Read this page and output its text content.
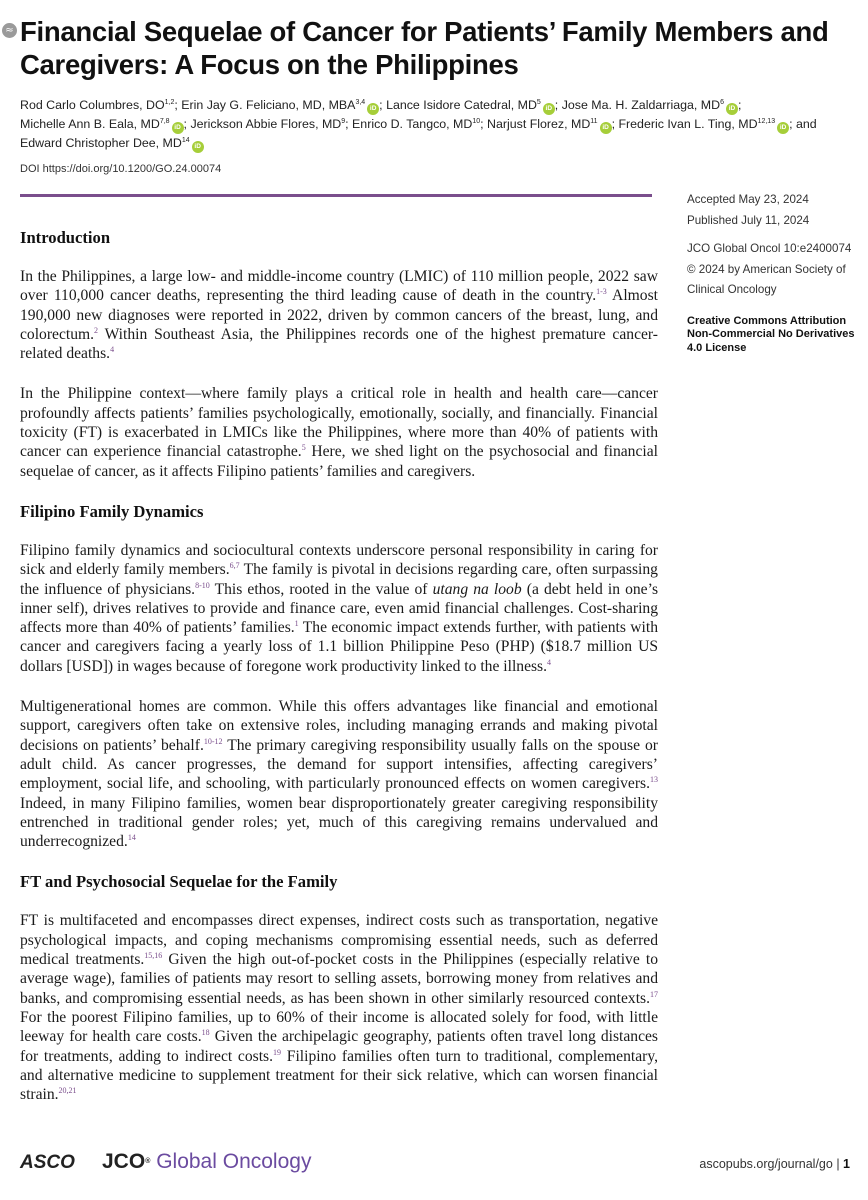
≈ Financial Sequelae of Cancer for Patients’ Family Members and Caregivers: A Focus on the Philippines
Rod Carlo Columbres, DO$^{1,2}$; Erin Jay G. Feliciano, MD, MBA$^{3,4}$iD ; Lance Isidore Catedral, $MD^5iD$ ; Jose Ma. H. Zaldarriaga, $MD^6iD$ ;
Michelle Ann B. Eala, MD$^{7,8}$iD ; Jerickson Abbie Flores, $MD^9$; Enrico D. Tangco, MD$^{10}$; Narjust Florez, MD$^{11}$iD ; Frederic Ivan L. Ting, MD$^{12,13}$iD ; and
Edward Christopher Dee, MD$^{14}$iD
DOI https://doi.org/10.1200/GO.24.00074
Accepted May 23, 2024
Published July 11, 2024
JCO Global Oncol 10:e2400074
© 2024 by American Society of Clinical Oncology
Creative Commons Attribution Non-Commercial No Derivatives 4.0 License
Introduction

In the Philippines, a large low- and middle-income country (LMIC) of 110 million people, 2022 saw over 110,000 cancer deaths, representing the third leading cause of death in the country.$^{1-3}$ Almost 190,000 new diagnoses were reported in 2022, driven by common cancers of the breast, lung, and colorectum.$^2$ Within Southeast Asia, the Philippines records one of the highest premature cancer-related deaths.$^4$

In the Philippine context—where family plays a critical role in health and health care—cancer profoundly affects patients’ families psychologically, emotionally, socially, and financially. Financial toxicity (FT) is exacerbated in LMICs like the Philippines, where more than 40% of patients with cancer can experience financial catastrophe.$^5$ Here, we shed light on the psychosocial and financial sequelae of cancer, as it affects Filipino patients’ families and caregivers.

Filipino Family Dynamics

Filipino family dynamics and sociocultural contexts underscore personal responsibility in caring for sick and elderly family members.$^{6,7}$ The family is pivotal in decisions regarding care, often surpassing the influence of physicians.$^{8-10}$ This ethos, rooted in the value of utang na loob (a debt held in one’s inner self), drives relatives to provide and finance care, even amid financial challenges. Cost-sharing affects more than 40% of patients’ families.$^1$ The economic impact extends further, with patients with cancer and caregivers facing a yearly loss of 1.1 billion Philippine Peso (PHP) ($18.7 million US dollars [USD]) in wages because of foregone work productivity linked to the illness.$^4$

Multigenerational homes are common. While this offers advantages like financial and emotional support, caregivers often take on extensive roles, including managing errands and making pivotal decisions on patients’ behalf.$^{10-12}$ The primary caregiving responsibility usually falls on the spouse or adult child. As cancer progresses, the demand for support intensifies, affecting caregivers’ employment, social life, and schooling, with particularly pronounced effects on women caregivers.$^{13}$ Indeed, in many Filipino families, women bear disproportionately greater caregiving responsibility entrenched in traditional gender roles; yet, much of this caregiving remains undervalued and underrecognized.$^{14}$

FT and Psychosocial Sequelae for the Family

FT is multifaceted and encompasses direct expenses, indirect costs such as transportation, negative psychological impacts, and coping mechanisms compromising essential needs, such as deferred medical treatments.$^{15,16}$ Given the high out-of-pocket costs in the Philippines (especially relative to average wage), families of patients may resort to selling assets, borrowing money from relatives and banks, and compromising essential needs, as has been shown in other similarly resourced contexts.$^{17}$ For the poorest Filipino families, up to 60% of their income is allocated solely for food, with little leeway for health care costs.$^{18}$ Given the archipelagic geography, patients often travel long distances for treatments, adding to indirect costs.$^{19}$ Filipino families often turn to traditional, complementary, and alternative medicine to supplement treatment for their sick relative, which can worsen financial strain.$^{20,21}$

ASCO JCO® Global Oncology	ascopubs.org/journal/go | 1
